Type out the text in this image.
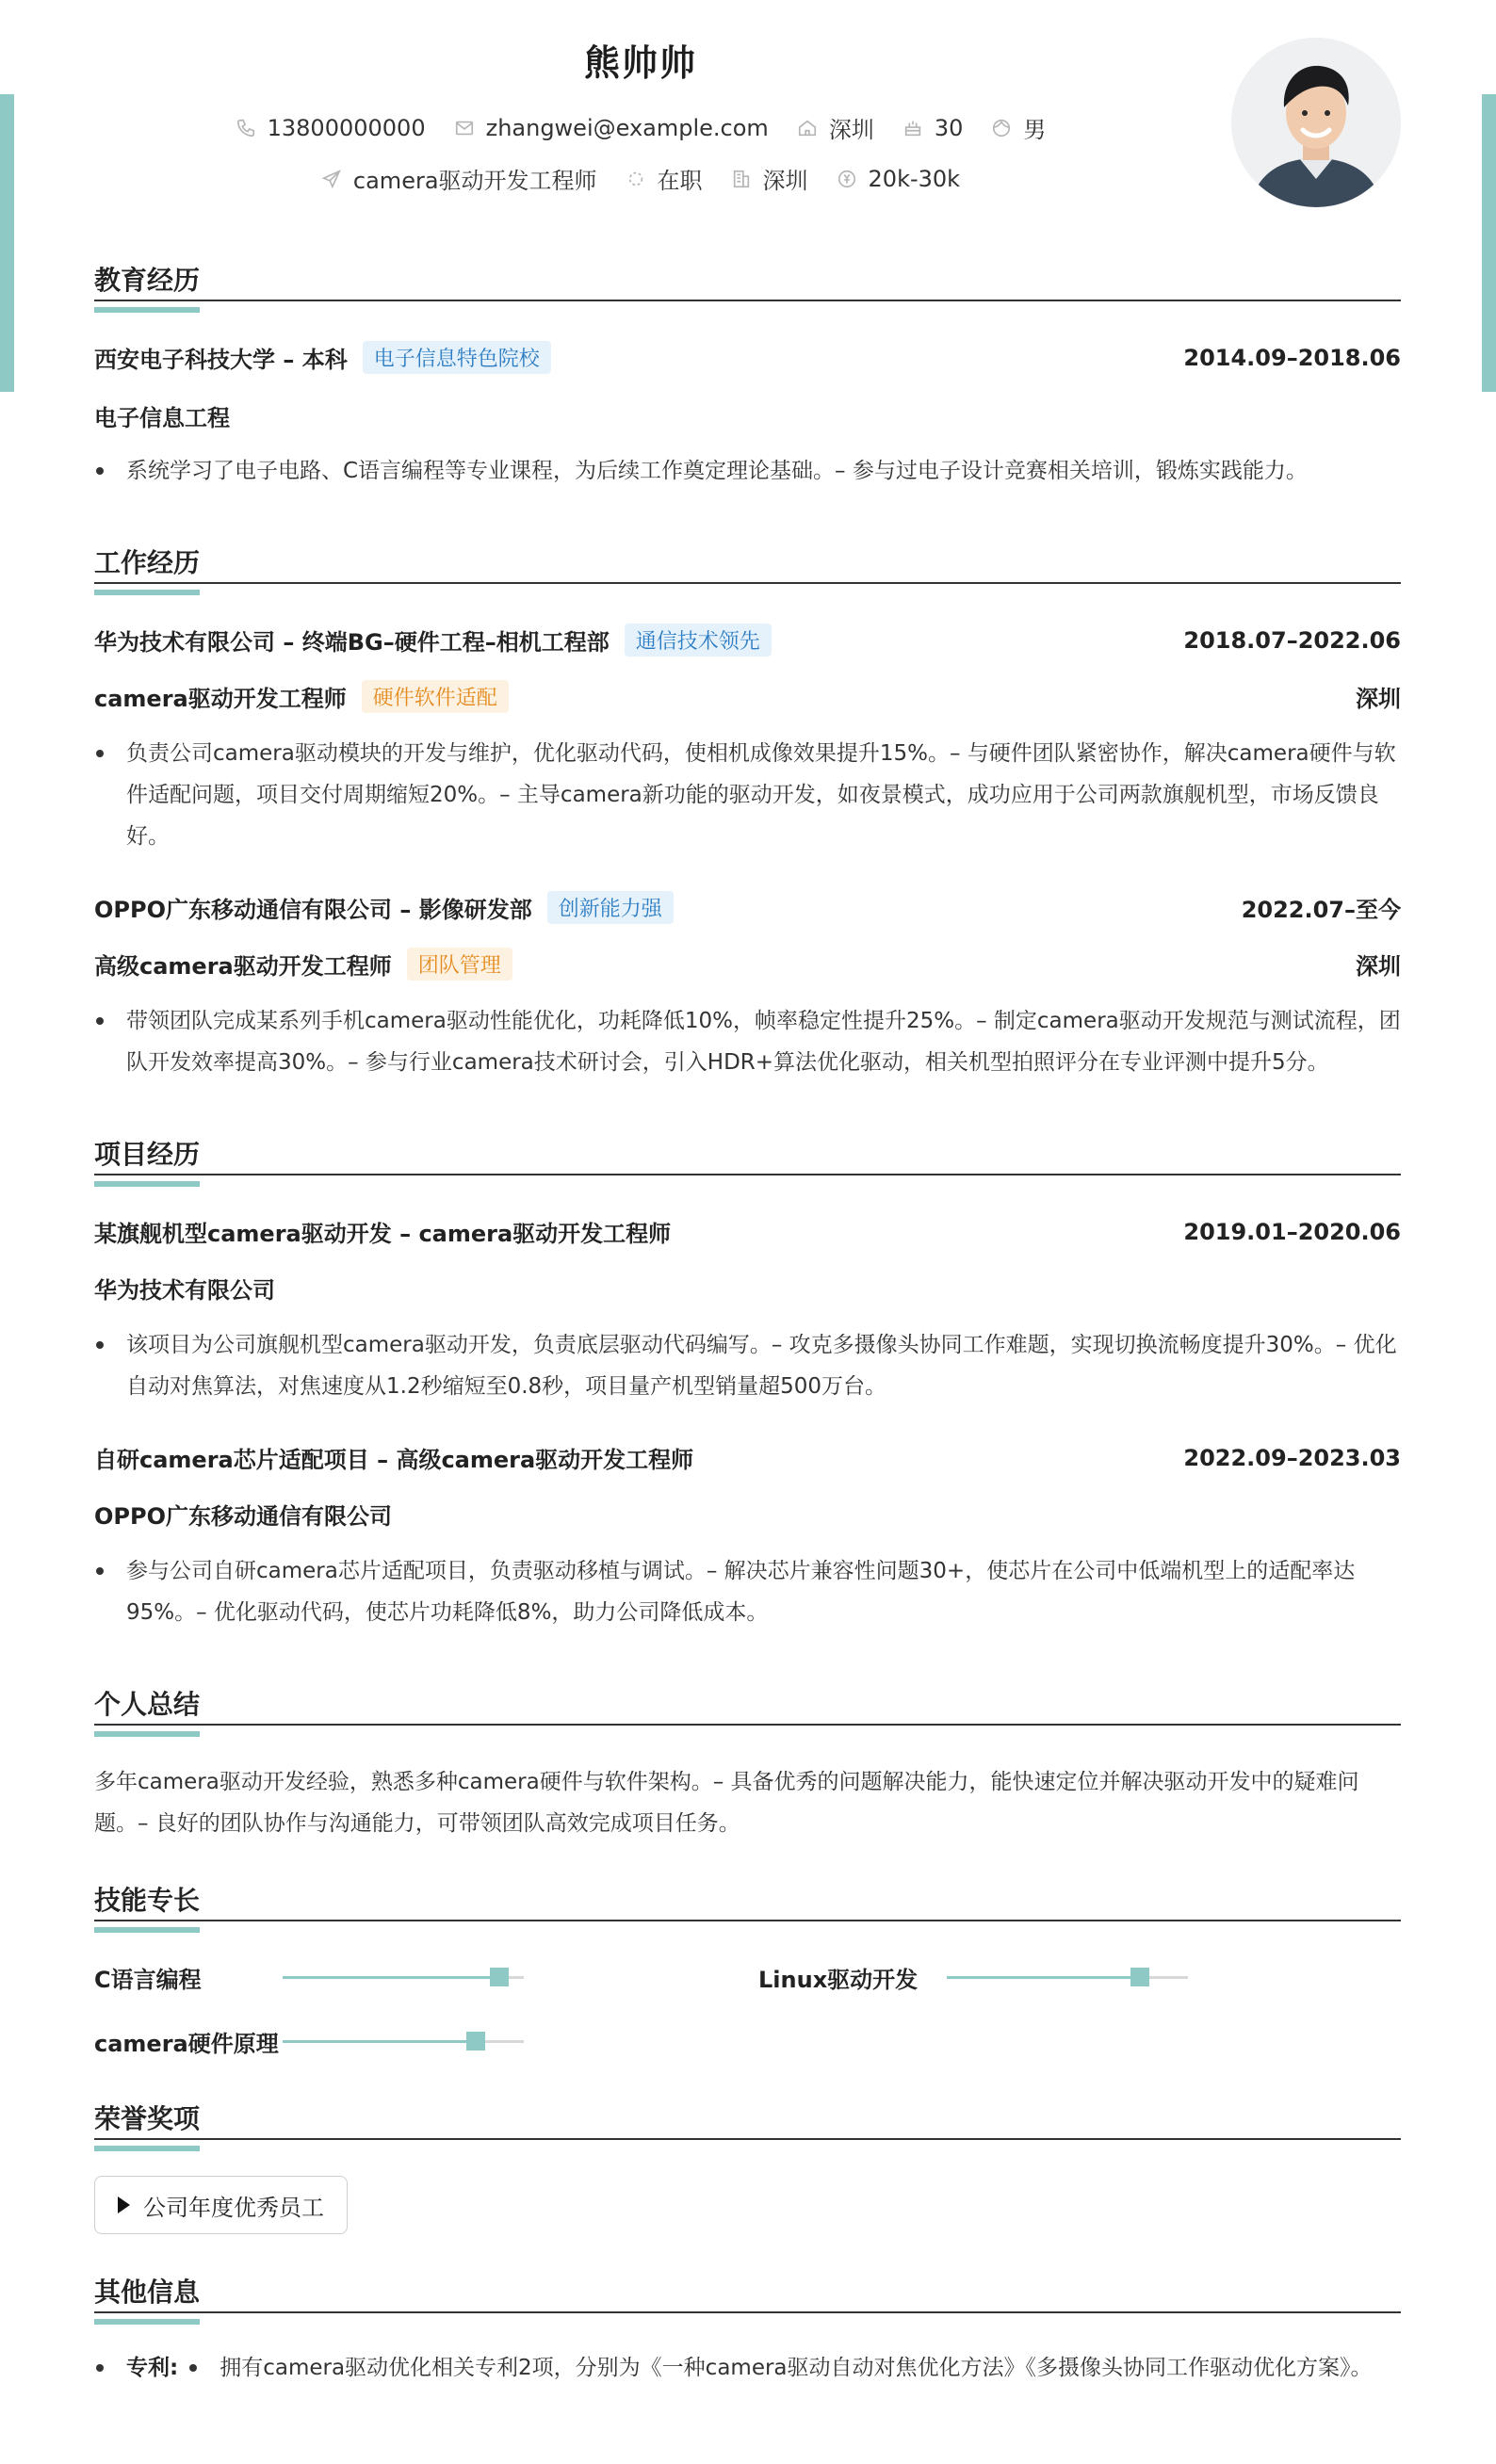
熊帅帅
13800000000	zhangwei@example.com	深圳	30	男
camera驱动开发工程师	在职	深圳	20k-30k
教育经历
西安电子科技大学 – 本科	电子信息特色院校	2014.09–2018.06
电子信息工程
系统学习了电子电路、C语言编程等专业课程，为后续工作奠定理论基础。– 参与过电子设计竞赛相关培训，锻炼实践能力。
工作经历
华为技术有限公司 – 终端BG–硬件工程–相机工程部	通信技术领先	2018.07–2022.06
camera驱动开发工程师	硬件软件适配	深圳
负责公司camera驱动模块的开发与维护，优化驱动代码，使相机成像效果提升15%。– 与硬件团队紧密协作，解决camera硬件与软件适配问题，项目交付周期缩短20%。– 主导camera新功能的驱动开发，如夜景模式，成功应用于公司两款旗舰机型，市场反馈良好。
OPPO广东移动通信有限公司 – 影像研发部	创新能力强	2022.07–至今
高级camera驱动开发工程师	团队管理	深圳
带领团队完成某系列手机camera驱动性能优化，功耗降低10%，帧率稳定性提升25%。– 制定camera驱动开发规范与测试流程，团队开发效率提高30%。– 参与行业camera技术研讨会，引入HDR+算法优化驱动，相关机型拍照评分在专业评测中提升5分。
项目经历
某旗舰机型camera驱动开发 – camera驱动开发工程师	2019.01–2020.06
华为技术有限公司
该项目为公司旗舰机型camera驱动开发，负责底层驱动代码编写。– 攻克多摄像头协同工作难题，实现切换流畅度提升30%。– 优化自动对焦算法，对焦速度从1.2秒缩短至0.8秒，项目量产机型销量超500万台。
自研camera芯片适配项目 – 高级camera驱动开发工程师	2022.09–2023.03
OPPO广东移动通信有限公司
参与公司自研camera芯片适配项目，负责驱动移植与调试。– 解决芯片兼容性问题30+，使芯片在公司中低端机型上的适配率达95%。– 优化驱动代码，使芯片功耗降低8%，助力公司降低成本。
个人总结
多年camera驱动开发经验，熟悉多种camera硬件与软件架构。– 具备优秀的问题解决能力，能快速定位并解决驱动开发中的疑难问题。– 良好的团队协作与沟通能力，可带领团队高效完成项目任务。
技能专长
C语言编程	Linux驱动开发
camera硬件原理
荣誉奖项
公司年度优秀员工
其他信息
专利:	拥有camera驱动优化相关专利2项，分别为《一种camera驱动自动对焦优化方法》《多摄像头协同工作驱动优化方案》。
